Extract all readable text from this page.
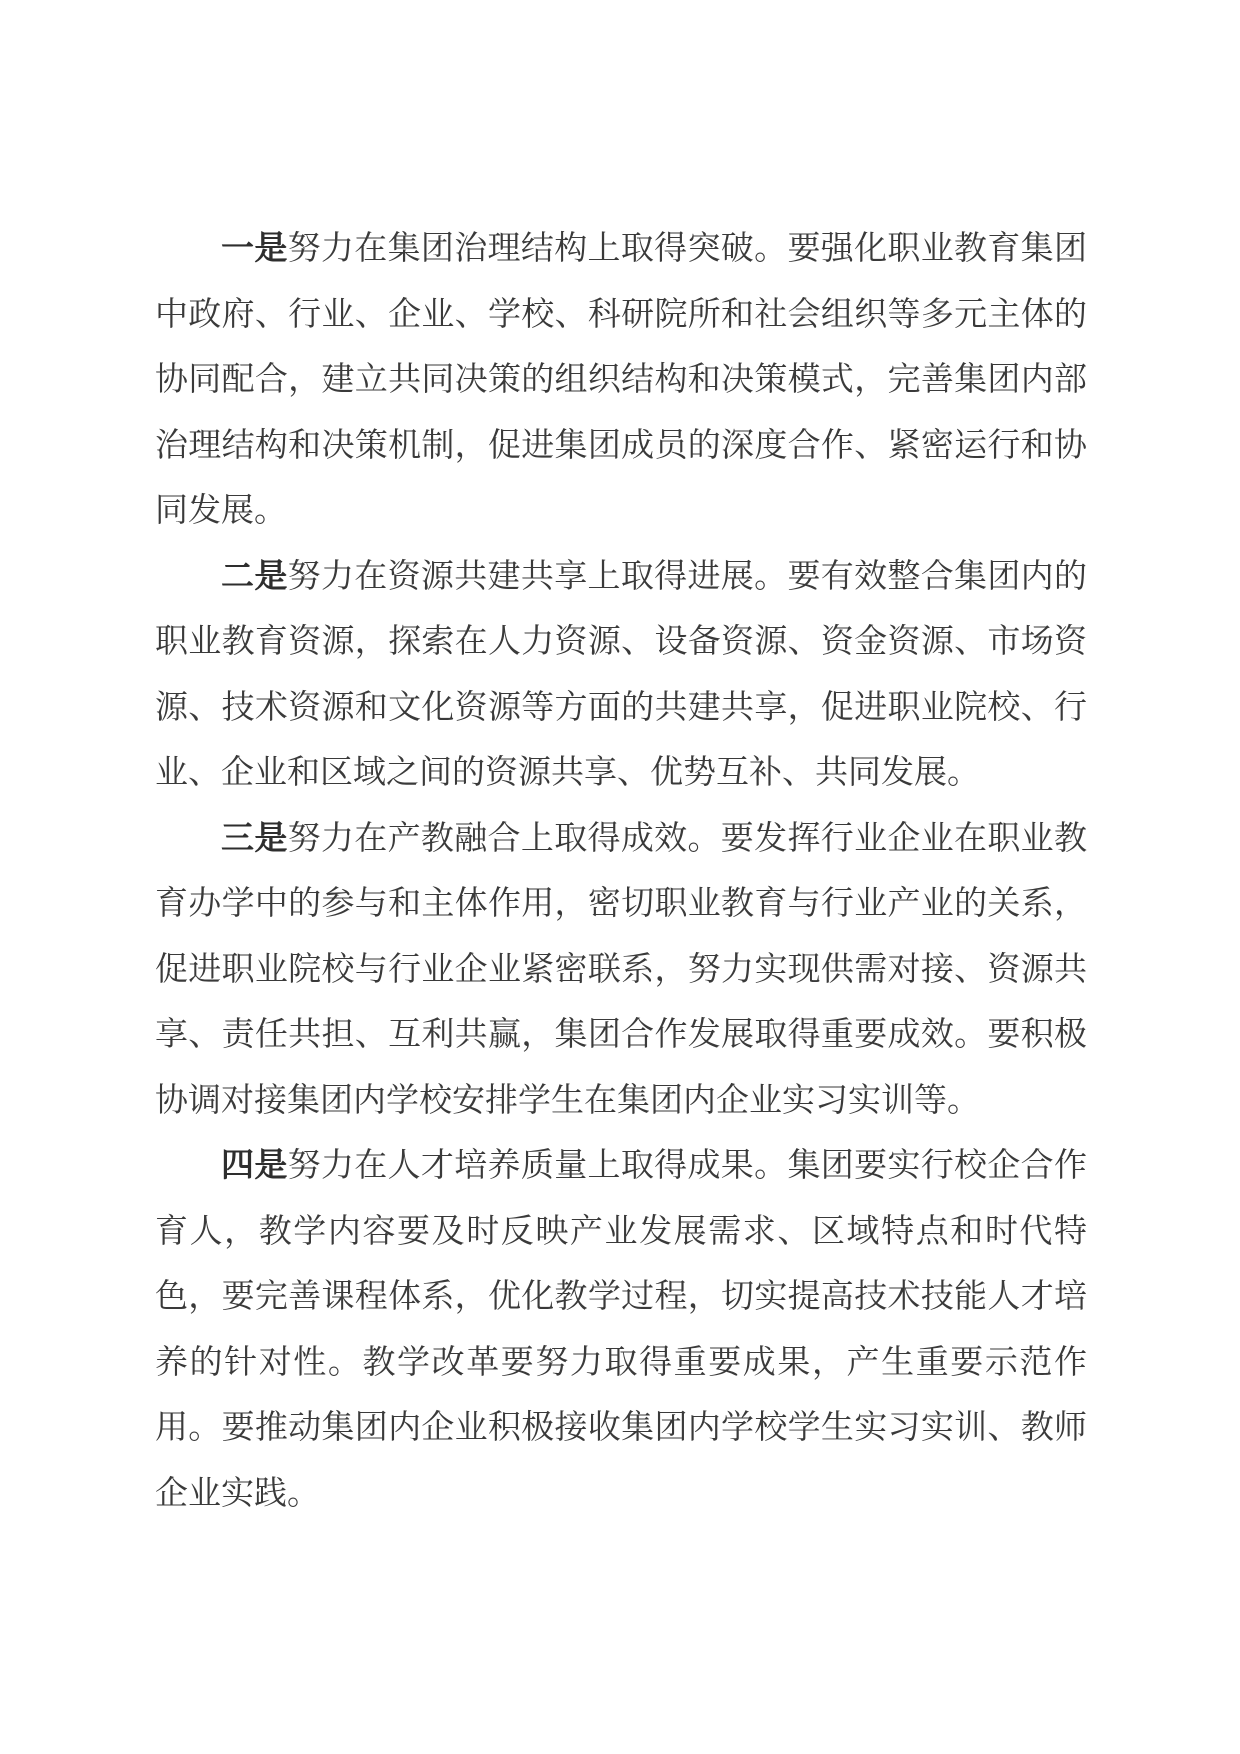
一是努力在集团治理结构上取得突破。要强化职业教育集团中政府、行业、企业、学校、科研院所和社会组织等多元主体的协同配合，建立共同决策的组织结构和决策模式，完善集团内部治理结构和决策机制，促进集团成员的深度合作、紧密运行和协同发展。

二是努力在资源共建共享上取得进展。要有效整合集团内的职业教育资源，探索在人力资源、设备资源、资金资源、市场资源、技术资源和文化资源等方面的共建共享，促进职业院校、行业、企业和区域之间的资源共享、优势互补、共同发展。

三是努力在产教融合上取得成效。要发挥行业企业在职业教育办学中的参与和主体作用，密切职业教育与行业产业的关系，促进职业院校与行业企业紧密联系，努力实现供需对接、资源共享、责任共担、互利共赢，集团合作发展取得重要成效。要积极协调对接集团内学校安排学生在集团内企业实习实训等。

四是努力在人才培养质量上取得成果。集团要实行校企合作育人，教学内容要及时反映产业发展需求、区域特点和时代特色，要完善课程体系，优化教学过程，切实提高技术技能人才培养的针对性。教学改革要努力取得重要成果，产生重要示范作用。要推动集团内企业积极接收集团内学校学生实习实训、教师企业实践。
